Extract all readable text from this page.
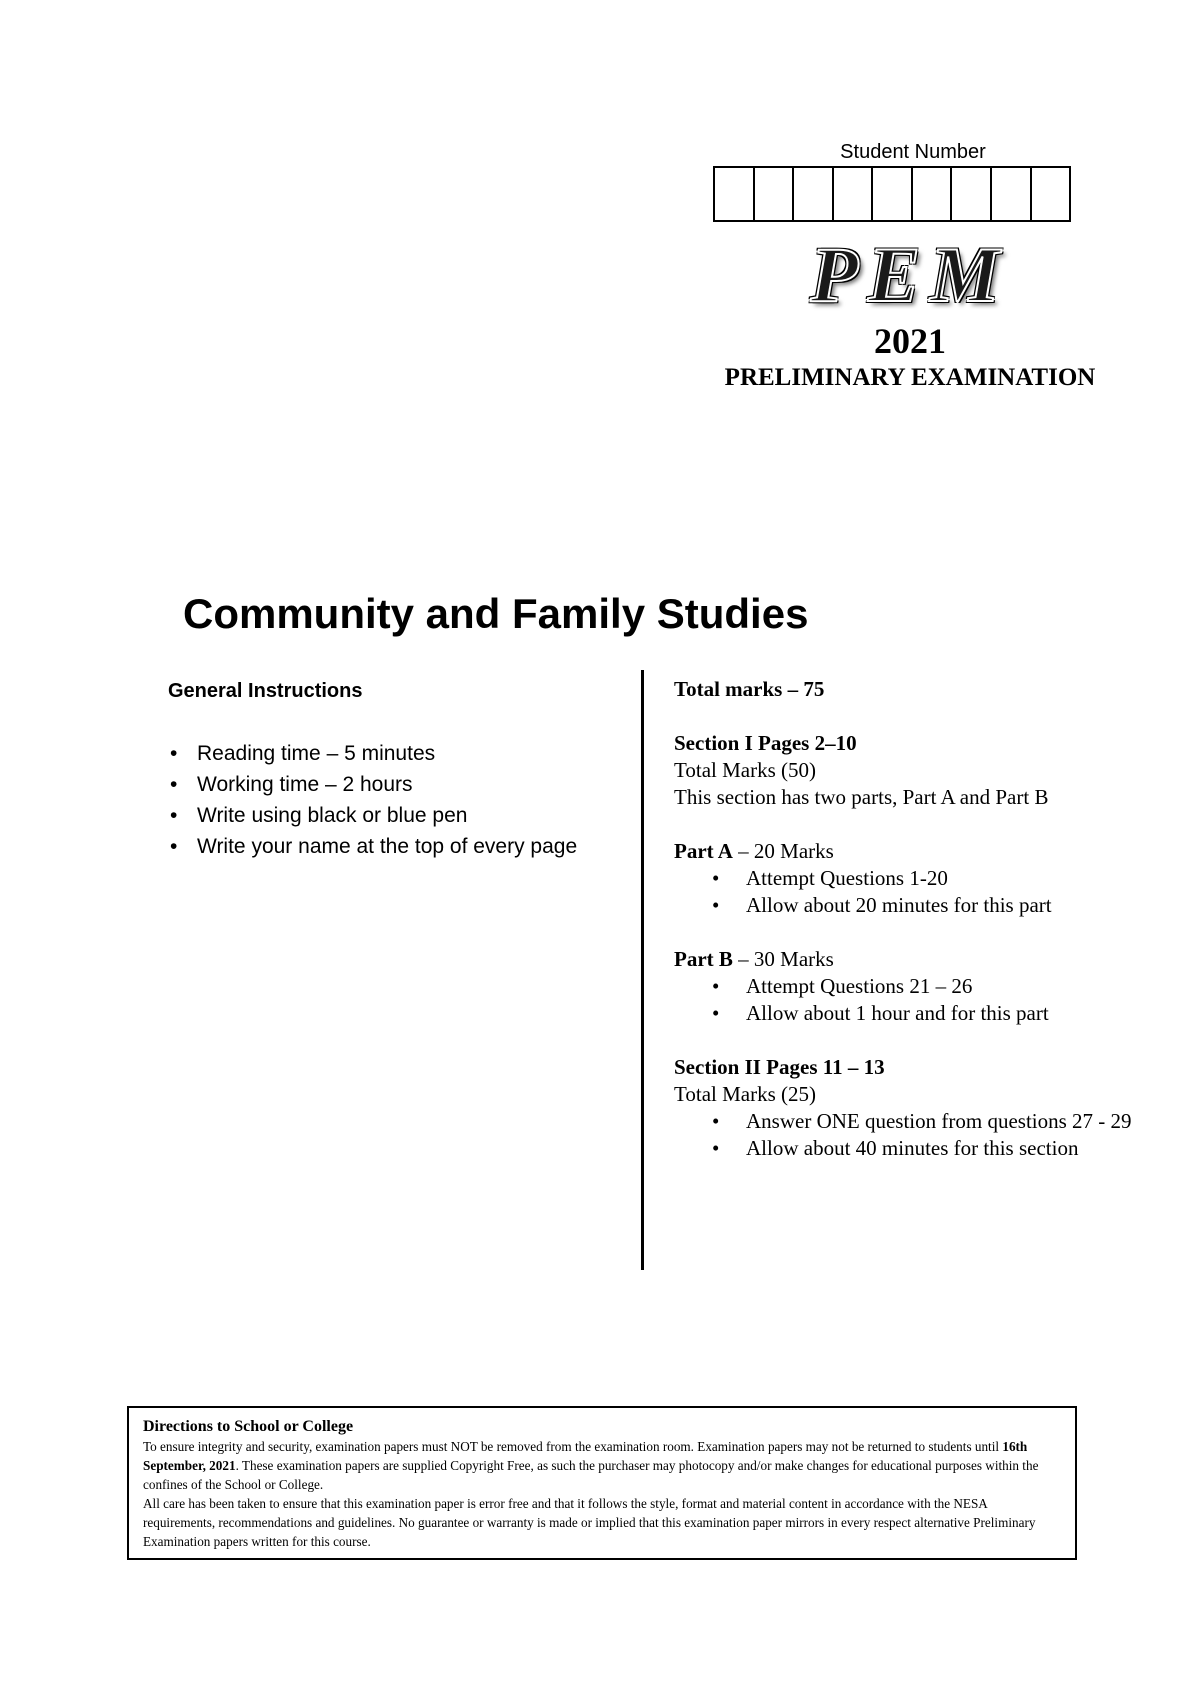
Student Number
PEM
2021
PRELIMINARY EXAMINATION
Community and Family Studies
General Instructions
• Reading time – 5 minutes
• Working time – 2 hours
• Write using black or blue pen
• Write your name at the top of every page
Total marks – 75
Section I Pages 2–10
Total Marks (50)
This section has two parts, Part A and Part B
Part A – 20 Marks
• Attempt Questions 1-20
• Allow about 20 minutes for this part
Part B – 30 Marks
• Attempt Questions 21 – 26
• Allow about 1 hour and for this part
Section II Pages 11 – 13
Total Marks (25)
• Answer ONE question from questions 27 - 29
• Allow about 40 minutes for this section
Directions to School or College
To ensure integrity and security, examination papers must NOT be removed from the examination room. Examination papers may not be returned to students until 16th September, 2021. These examination papers are supplied Copyright Free, as such the purchaser may photocopy and/or make changes for educational purposes within the confines of the School or College.
All care has been taken to ensure that this examination paper is error free and that it follows the style, format and material content in accordance with the NESA requirements, recommendations and guidelines. No guarantee or warranty is made or implied that this examination paper mirrors in every respect alternative Preliminary Examination papers written for this course.
